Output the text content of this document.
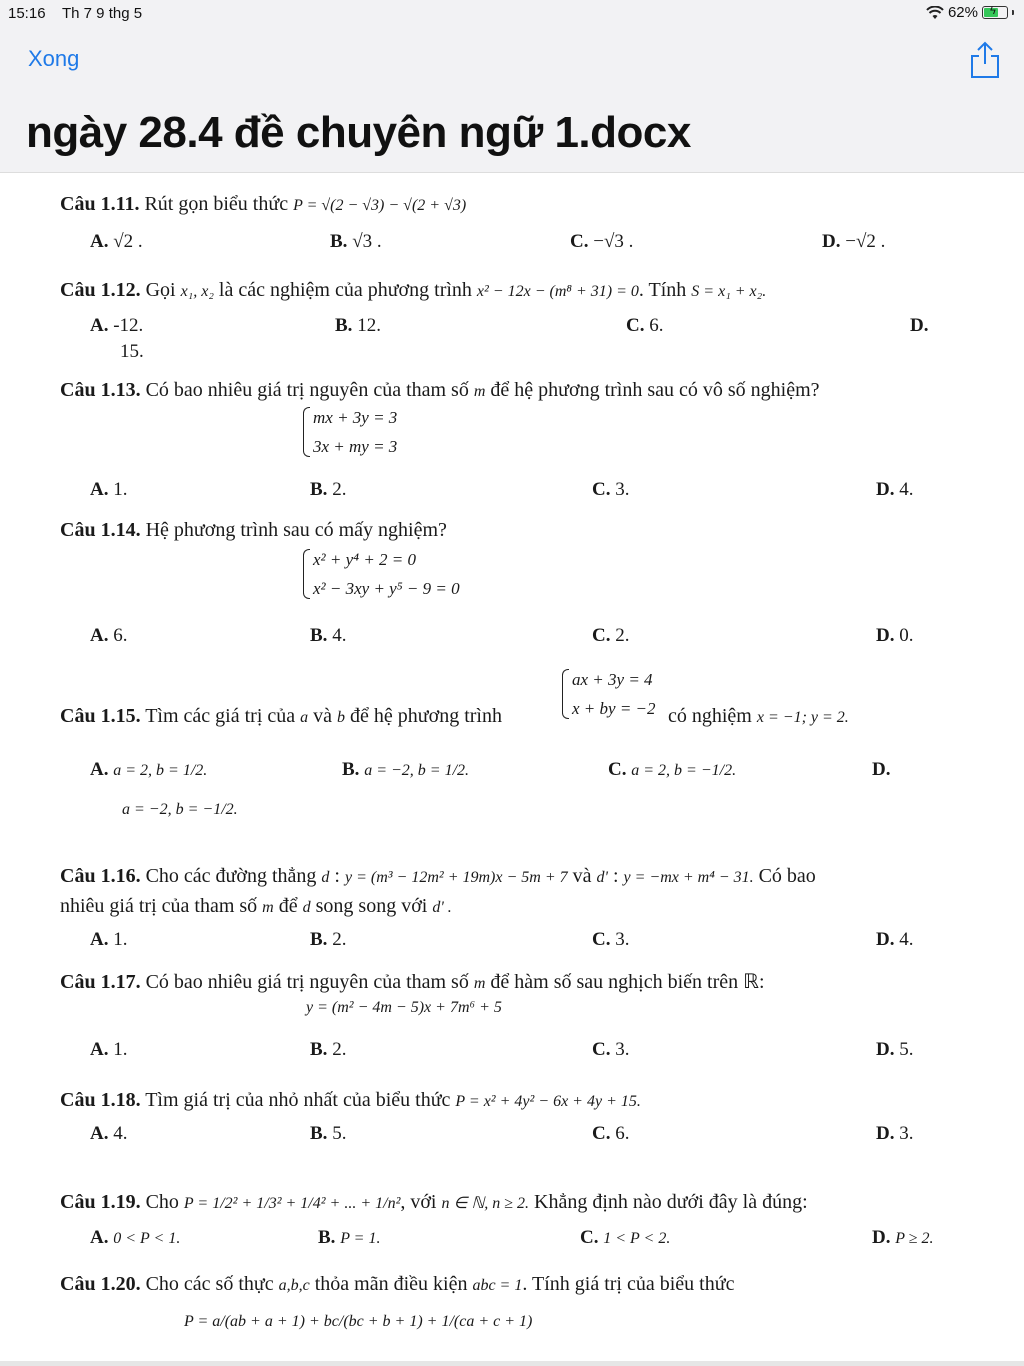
15:16 Th 7 9 thg 5	62% ϟ
Xong
ngày 28.4 đề chuyên ngữ 1.docx
Câu 1.11. Rút gọn biểu thức P = √(2 − √3) − √(2 + √3)
A. √2 .	B. √3 .	C. −√3 .	D. −√2 .
Câu 1.12. Gọi x₁, x₂ là các nghiệm của phương trình x² − 12x − (m⁸ + 31) = 0. Tính S = x₁ + x₂.
A. -12.	B. 12.	C. 6.	D.
15.
Câu 1.13. Có bao nhiêu giá trị nguyên của tham số m để hệ phương trình sau có vô số nghiệm?
mx + 3y = 3
3x + my = 3
A. 1.	B. 2.	C. 3.	D. 4.
Câu 1.14. Hệ phương trình sau có mấy nghiệm?
x² + y⁴ + 2 = 0
x² − 3xy + y⁵ − 9 = 0
A. 6.	B. 4.	C. 2.	D. 0.
ax + 3y = 4
x + by = −2
Câu 1.15. Tìm các giá trị của a và b để hệ phương trình	có nghiệm x = −1; y = 2.
A. a = 2, b = 1/2.	B. a = −2, b = 1/2.	C. a = 2, b = −1/2.	D.
a = −2, b = −1/2.
Câu 1.16. Cho các đường thẳng d : y = (m³ − 12m² + 19m)x − 5m + 7 và d' : y = −mx + m⁴ − 31. Có bao
nhiêu giá trị của tham số m để d song song với d' .
A. 1.	B. 2.	C. 3.	D. 4.
Câu 1.17. Có bao nhiêu giá trị nguyên của tham số m để hàm số sau nghịch biến trên ℝ:
y = (m² − 4m − 5)x + 7m⁶ + 5
A. 1.	B. 2.	C. 3.	D. 5.
Câu 1.18. Tìm giá trị của nhỏ nhất của biểu thức P = x² + 4y² − 6x + 4y + 15.
A. 4.	B. 5.	C. 6.	D. 3.
Câu 1.19. Cho P = 1/2² + 1/3² + 1/4² + ... + 1/n², với n ∈ ℕ, n ≥ 2. Khẳng định nào dưới đây là đúng:
A. 0 < P < 1.	B. P = 1.	C. 1 < P < 2.	D. P ≥ 2.
Câu 1.20. Cho các số thực a,b,c thỏa mãn điều kiện abc = 1. Tính giá trị của biểu thức
P = a/(ab + a + 1) + bc/(bc + b + 1) + 1/(ca + c + 1)
